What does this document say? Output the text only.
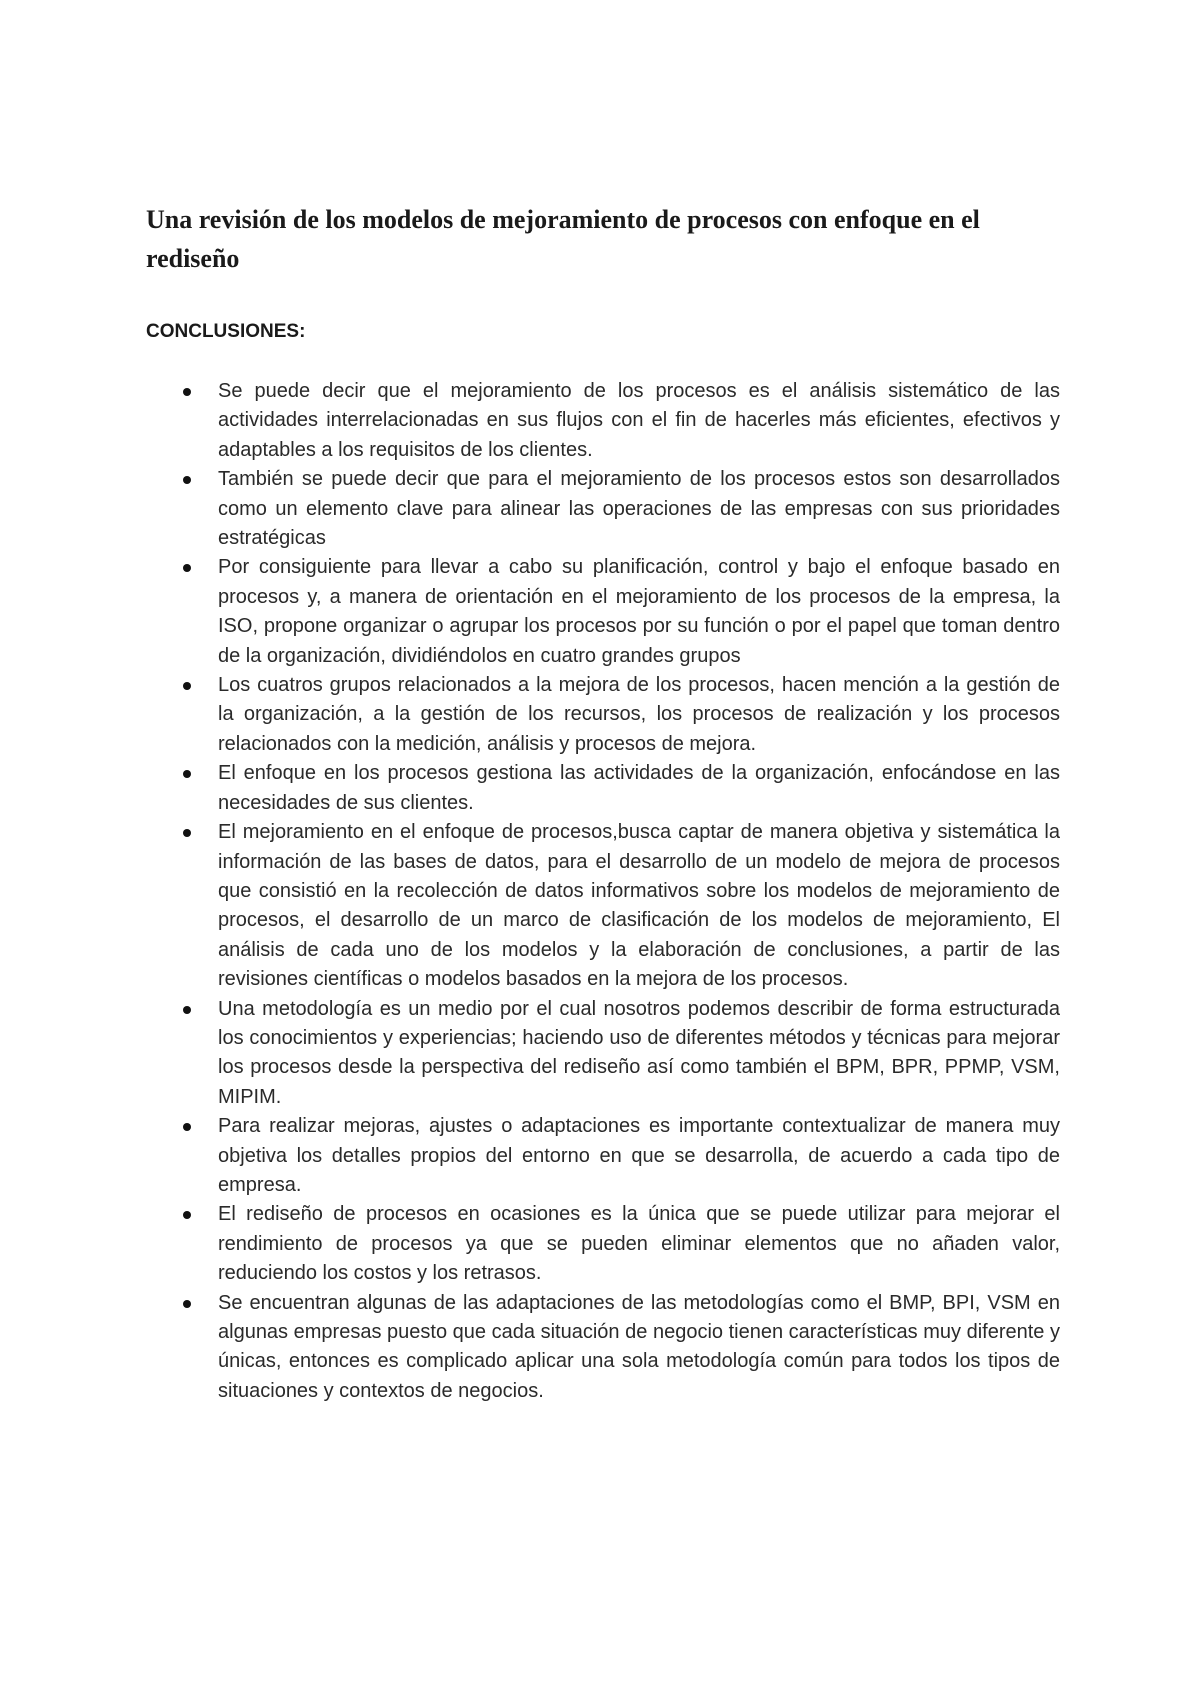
Una revisión de los modelos de mejoramiento de procesos con enfoque en el rediseño
CONCLUSIONES:
Se puede decir que el mejoramiento de los procesos es el análisis sistemático de las actividades interrelacionadas en sus flujos con el fin de hacerles más eficientes, efectivos y adaptables a los requisitos de los clientes.
También se puede decir que para el mejoramiento de los procesos estos son desarrollados como un elemento clave para alinear las operaciones de las empresas con sus prioridades estratégicas
Por consiguiente para llevar a cabo su planificación, control y bajo el enfoque basado en procesos y, a manera de orientación en el mejoramiento de los procesos de la empresa, la ISO, propone organizar o agrupar los procesos por su función o por el papel que toman dentro de la organización, dividiéndolos en cuatro grandes grupos
Los cuatros grupos relacionados a la mejora de los procesos, hacen mención a la gestión de la organización, a la gestión de los recursos, los procesos de realización y los procesos relacionados con la medición, análisis y procesos de mejora.
El enfoque en los procesos gestiona las actividades de la organización, enfocándose en las necesidades de sus clientes.
El mejoramiento en el enfoque de procesos,busca captar de manera objetiva y sistemática la información de las bases de datos, para el desarrollo de un modelo de mejora de procesos que consistió en la recolección de datos informativos sobre los modelos de mejoramiento de procesos, el desarrollo de un marco de clasificación de los modelos de mejoramiento, El análisis de cada uno de los modelos y la elaboración de conclusiones, a partir de las revisiones científicas o modelos basados en la mejora de los procesos.
Una metodología es un medio por el cual nosotros podemos describir de forma estructurada los conocimientos y experiencias; haciendo uso de diferentes métodos y técnicas para mejorar los procesos desde la perspectiva del rediseño así como también el BPM, BPR, PPMP, VSM, MIPIM.
Para realizar mejoras, ajustes o adaptaciones es importante contextualizar de manera muy objetiva los detalles propios del entorno en que se desarrolla, de acuerdo a cada tipo de empresa.
El rediseño de procesos en ocasiones es la única que se puede utilizar para mejorar el rendimiento de procesos ya que se pueden eliminar elementos que no añaden valor, reduciendo los costos y los retrasos.
Se encuentran algunas de las adaptaciones de las metodologías como el BMP, BPI, VSM en algunas empresas puesto que cada situación de negocio tienen características muy diferente y únicas, entonces es complicado aplicar una sola metodología común para todos los tipos de situaciones y contextos de negocios.
